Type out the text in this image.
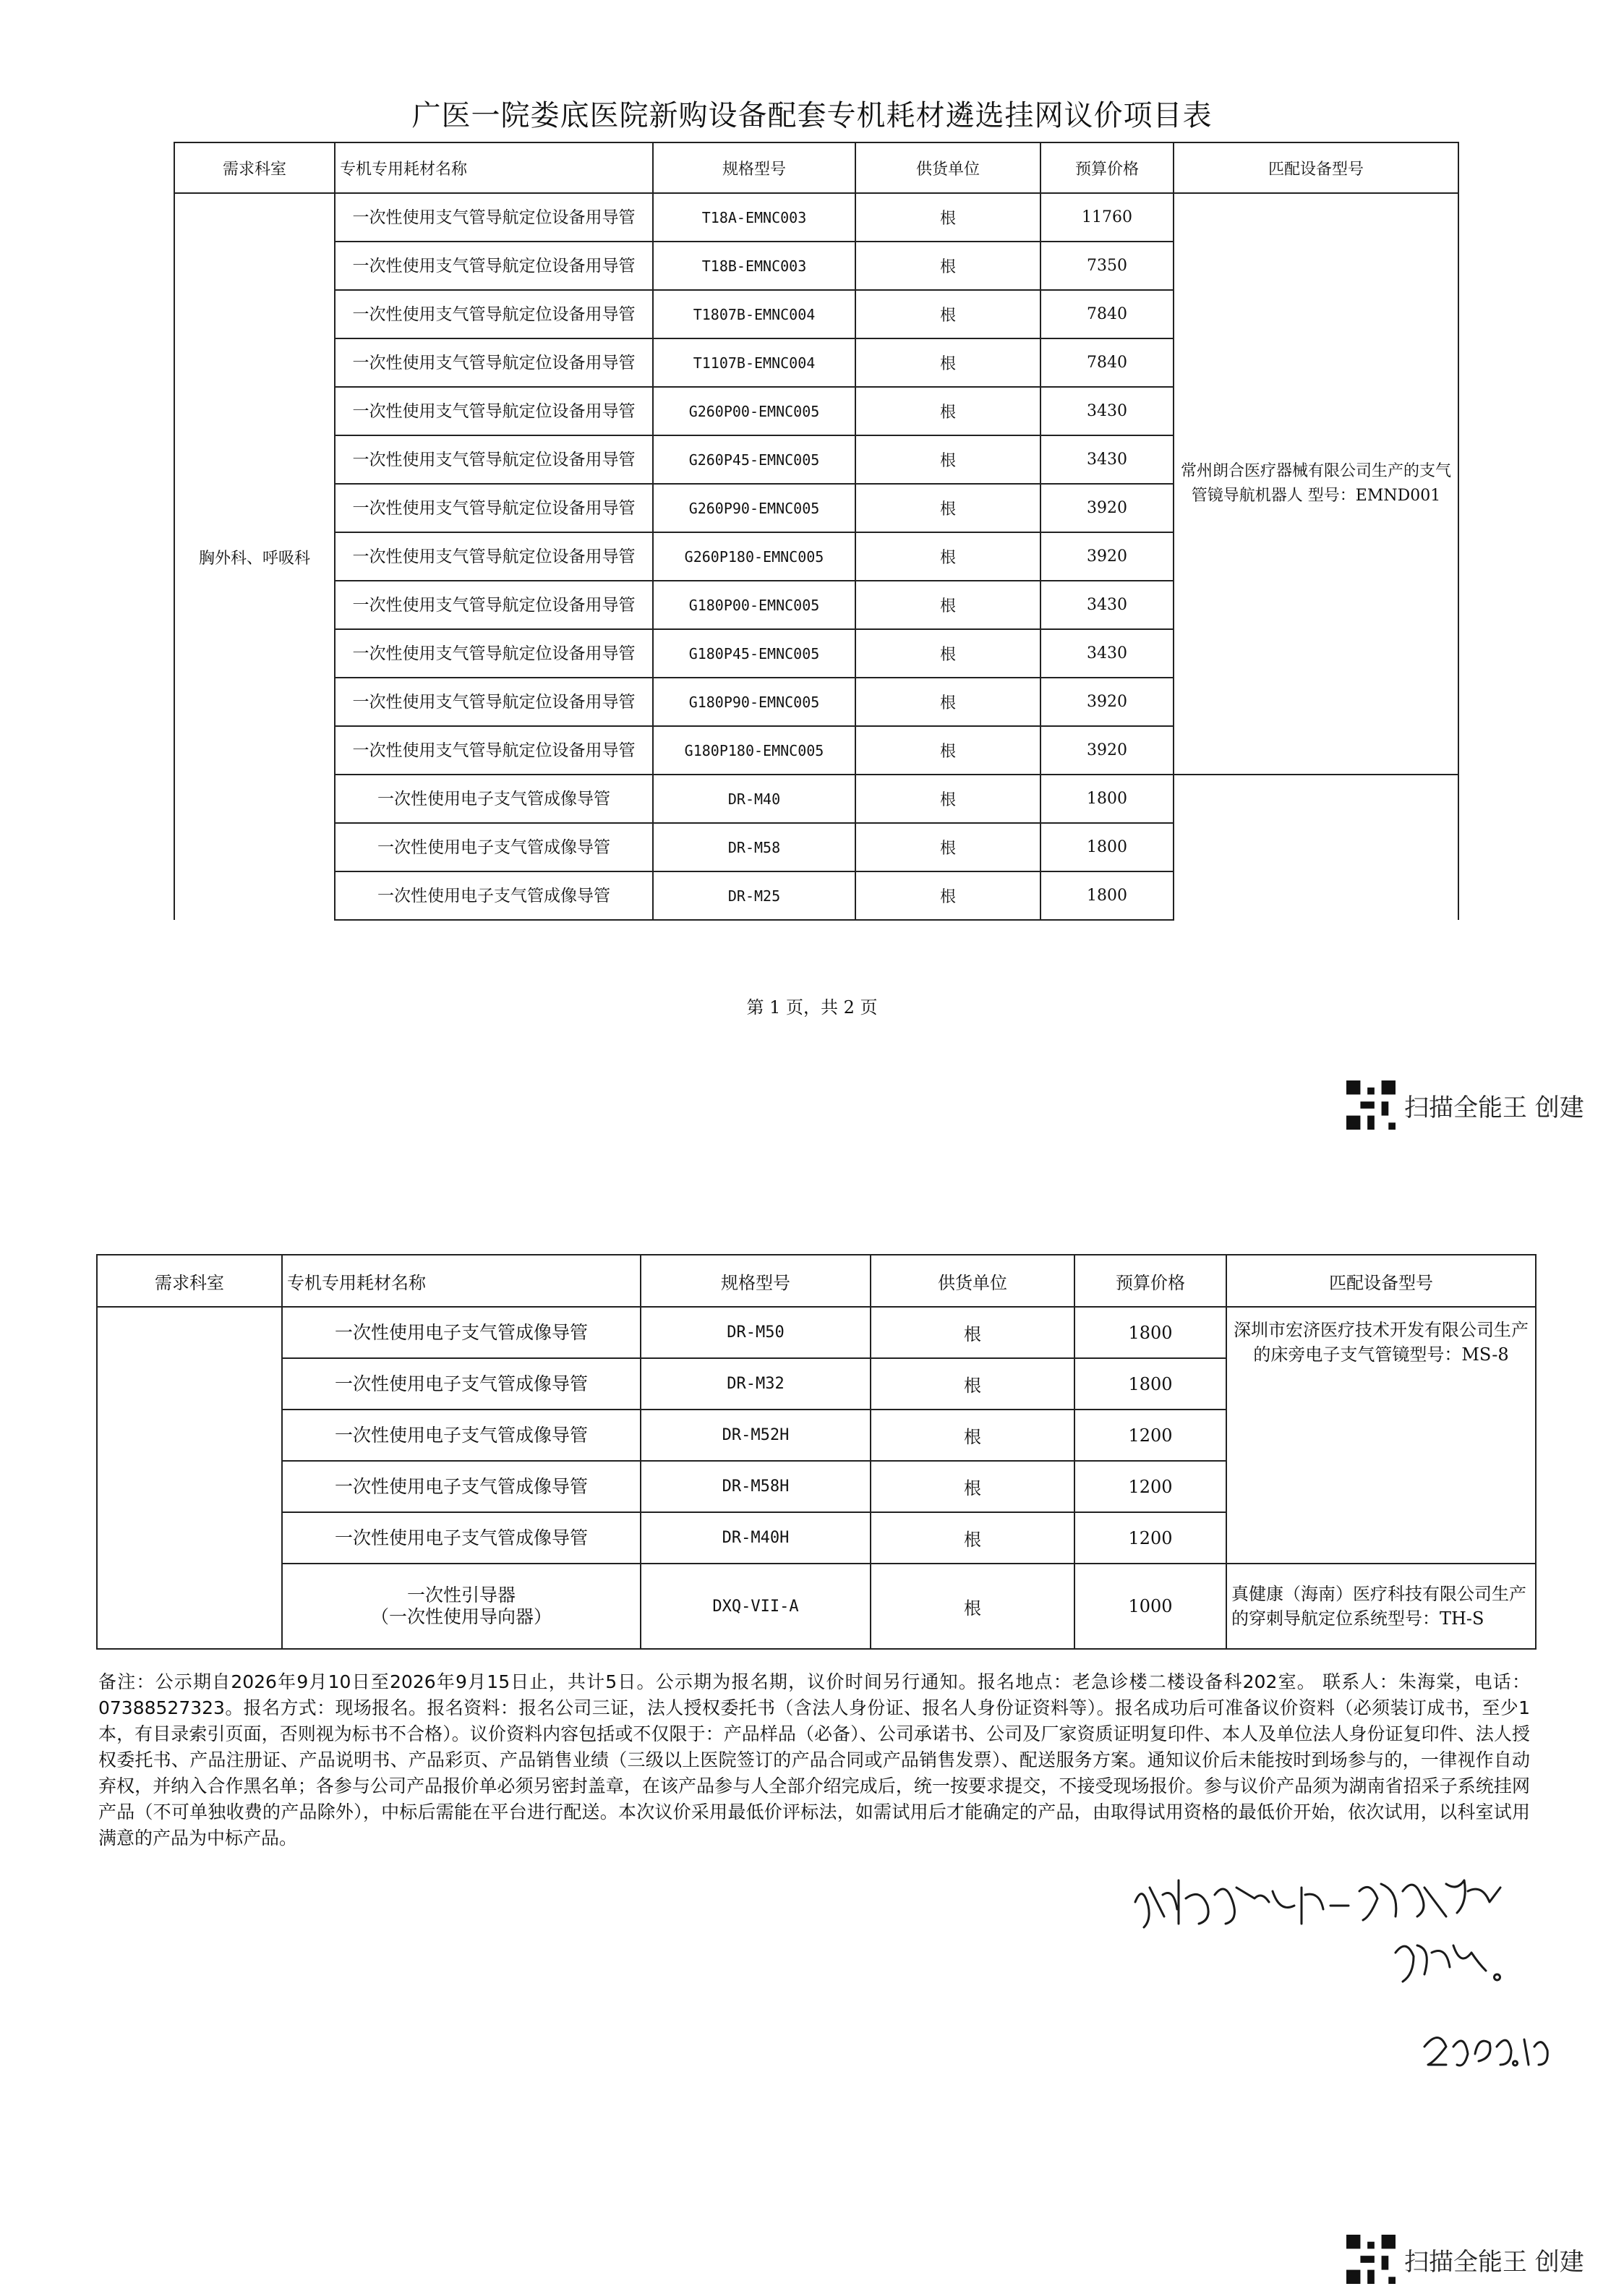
广医一院娄底医院新购设备配套专机耗材遴选挂网议价项目表
需求科室	专机专用耗材名称	规格型号	供货单位	预算价格	匹配设备型号
胸外科、呼吸科	一次性使用支气管导航定位设备用导管	T18A-EMNC003	根	11760	常州朗合医疗器械有限公司生产的支气管镜导航机器人 型号：EMND001
	一次性使用支气管导航定位设备用导管	T18B-EMNC003	根	7350	
	一次性使用支气管导航定位设备用导管	T1807B-EMNC004	根	7840	
	一次性使用支气管导航定位设备用导管	T1107B-EMNC004	根	7840	
	一次性使用支气管导航定位设备用导管	G260P00-EMNC005	根	3430	
	一次性使用支气管导航定位设备用导管	G260P45-EMNC005	根	3430	
	一次性使用支气管导航定位设备用导管	G260P90-EMNC005	根	3920	
	一次性使用支气管导航定位设备用导管	G260P180-EMNC005	根	3920	
	一次性使用支气管导航定位设备用导管	G180P00-EMNC005	根	3430	
	一次性使用支气管导航定位设备用导管	G180P45-EMNC005	根	3430	
	一次性使用支气管导航定位设备用导管	G180P90-EMNC005	根	3920	
	一次性使用支气管导航定位设备用导管	G180P180-EMNC005	根	3920	
	一次性使用电子支气管成像导管	DR-M40	根	1800	
	一次性使用电子支气管成像导管	DR-M58	根	1800	
	一次性使用电子支气管成像导管	DR-M25	根	1800	
第 1 页，共 2 页
扫描全能王 创建
需求科室	专机专用耗材名称	规格型号	供货单位	预算价格	匹配设备型号
	一次性使用电子支气管成像导管	DR-M50	根	1800	深圳市宏济医疗技术开发有限公司生产的床旁电子支气管镜型号：MS-8
	一次性使用电子支气管成像导管	DR-M32	根	1800	
	一次性使用电子支气管成像导管	DR-M52H	根	1200	
	一次性使用电子支气管成像导管	DR-M58H	根	1200	
	一次性使用电子支气管成像导管	DR-M40H	根	1200	

	一次性引导器
（一次性使用导向器）	DXQ-VII-A	根	1000	真健康（海南）医疗科技有限公司生产的穿刺导航定位系统型号：TH-S
备注：公示期自2026年9月10日至2026年9月15日止，共计5日。公示期为报名期，议价时间另行通知。报名地点：老急诊楼二楼设备科202室。 联系人：朱海棠，电话：07388527323。报名方式：现场报名。报名资料：报名公司三证，法人授权委托书（含法人身份证、报名人身份证资料等）。报名成功后可准备议价资料（必须装订成书，至少1本，有目录索引页面，否则视为标书不合格）。议价资料内容包括或不仅限于：产品样品（必备）、公司承诺书、公司及厂家资质证明复印件、本人及单位法人身份证复印件、法人授权委托书、产品注册证、产品说明书、产品彩页、产品销售业绩（三级以上医院签订的产品合同或产品销售发票）、配送服务方案。通知议价后未能按时到场参与的，一律视作自动弃权，并纳入合作黑名单；各参与公司产品报价单必须另密封盖章，在该产品参与人全部介绍完成后，统一按要求提交，不接受现场报价。参与议价产品须为湖南省招采子系统挂网产品（不可单独收费的产品除外），中标后需能在平台进行配送。本次议价采用最低价评标法，如需试用后才能确定的产品，由取得试用资格的最低价开始，依次试用，以科室试用满意的产品为中标产品。
扫描全能王 创建
